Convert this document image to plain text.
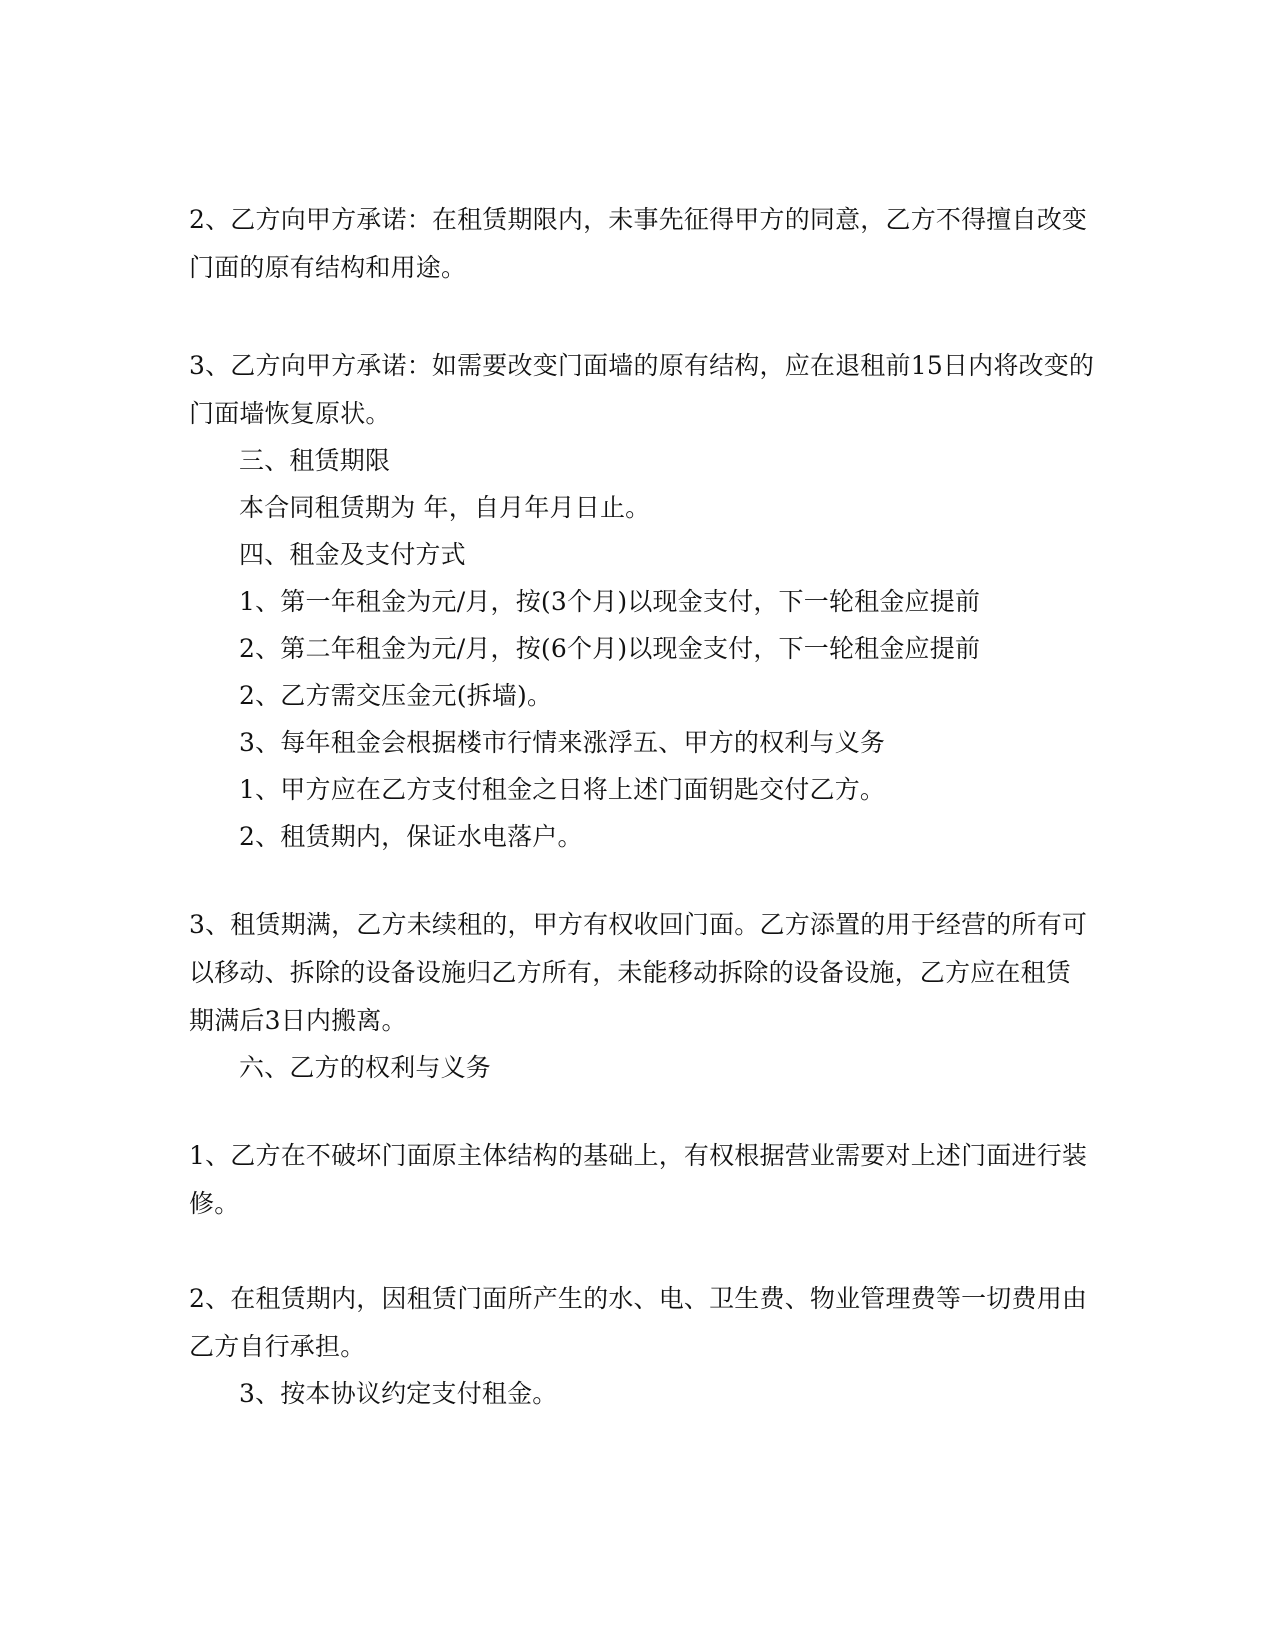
2、乙方向甲方承诺：在租赁期限内，未事先征得甲方的同意，乙方不得擅自改变
门面的原有结构和用途。
3、乙方向甲方承诺：如需要改变门面墙的原有结构，应在退租前15日内将改变的
门面墙恢复原状。
三、租赁期限
本合同租赁期为 年，自月年月日止。
四、租金及支付方式
1、第一年租金为元/月，按(3个月)以现金支付，下一轮租金应提前
2、第二年租金为元/月，按(6个月)以现金支付，下一轮租金应提前
2、乙方需交压金元(拆墙)。
3、每年租金会根据楼市行情来涨浮五、甲方的权利与义务
1、甲方应在乙方支付租金之日将上述门面钥匙交付乙方。
2、租赁期内，保证水电落户。
3、租赁期满，乙方未续租的，甲方有权收回门面。乙方添置的用于经营的所有可
以移动、拆除的设备设施归乙方所有，未能移动拆除的设备设施，乙方应在租赁
期满后3日内搬离。
六、乙方的权利与义务
1、乙方在不破坏门面原主体结构的基础上，有权根据营业需要对上述门面进行装
修。
2、在租赁期内，因租赁门面所产生的水、电、卫生费、物业管理费等一切费用由
乙方自行承担。
3、按本协议约定支付租金。
